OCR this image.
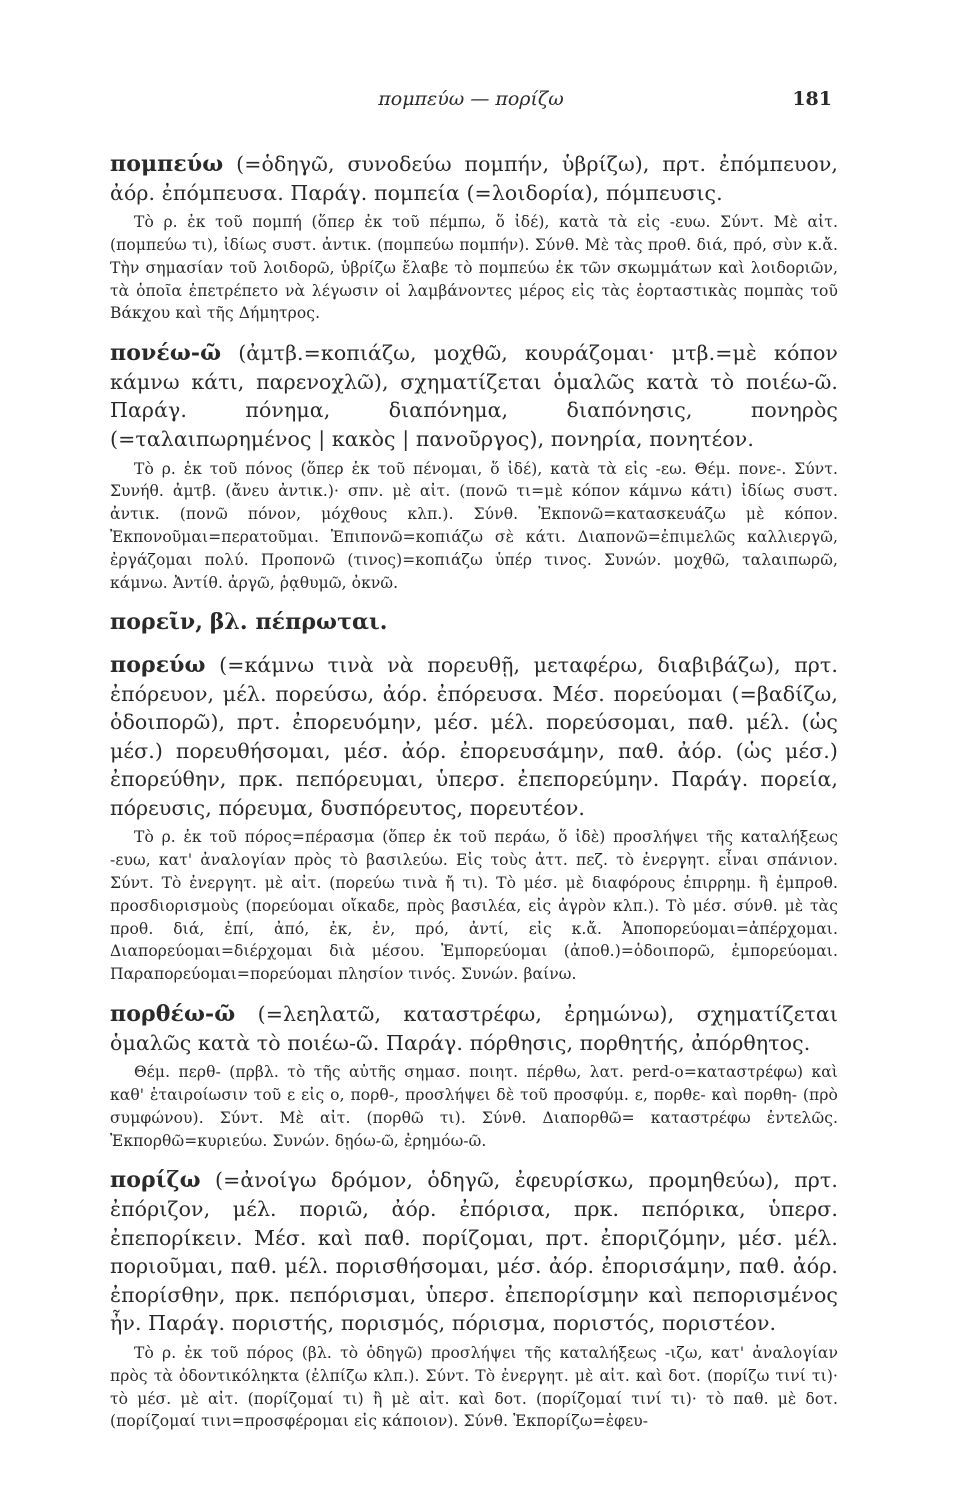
πομπεύω — πορίζω	181
πομπεύω (=ὁδηγῶ, συνοδεύω πομπήν, ὑβρίζω), πρτ. ἐπόμπευον, ἀόρ. ἐπόμπευσα. Παράγ. πομπεία (=λοιδορία), πόμπευσις.
Τὸ ρ. ἐκ τοῦ πομπή (ὅπερ ἐκ τοῦ πέμπω, ὅ ἰδέ), κατὰ τὰ εἰς -ευω. Σύντ. Μὲ αἰτ. (πομπεύω τι), ἰδίως συστ. ἀντικ. (πομπεύω πομπήν). Σύνθ. Μὲ τὰς προθ. διά, πρό, σὺν κ.ἄ. Τὴν σημασίαν τοῦ λοιδορῶ, ὑβρίζω ἔλαβε τὸ πομπεύω ἐκ τῶν σκωμμάτων καὶ λοιδοριῶν, τὰ ὁποῖα ἐπετρέπετο νὰ λέγωσιν οἱ λαμβάνοντες μέρος εἰς τὰς ἑορταστικὰς πομπὰς τοῦ Βάκχου καὶ τῆς Δήμητρος.
πονέω-ῶ (ἀμτβ.=κοπιάζω, μοχθῶ, κουράζομαι· μτβ.=μὲ κόπον κάμνω κάτι, παρενοχλῶ), σχηματίζεται ὁμαλῶς κατὰ τὸ ποιέω-ῶ. Παράγ. πόνημα, διαπόνημα, διαπόνησις, πονηρὸς (=ταλαιπωρημένος | κακὸς | πανοῦργος), πονηρία, πονητέον.
Τὸ ρ. ἐκ τοῦ πόνος (ὅπερ ἐκ τοῦ πένομαι, ὅ ἰδέ), κατὰ τὰ εἰς -εω. Θέμ. πονε-. Σύντ. Συνήθ. ἀμτβ. (ἄνευ ἀντικ.)· σπν. μὲ αἰτ. (πονῶ τι=μὲ κόπον κάμνω κάτι) ἰδίως συστ. ἀντικ. (πονῶ πόνον, μόχθους κλπ.). Σύνθ. Ἐκπονῶ=κατασκευάζω μὲ κόπον. Ἐκπονοῦμαι=περατοῦμαι. Ἐπιπονῶ=κοπιάζω σὲ κάτι. Διαπονῶ=ἐπιμελῶς καλλιεργῶ, ἐργάζομαι πολύ. Προπονῶ (τινος)=κοπιάζω ὑπέρ τινος. Συνών. μοχθῶ, ταλαιπωρῶ, κάμνω. Ἀντίθ. ἀργῶ, ῥᾳθυμῶ, ὀκνῶ.
πορεῖν, βλ. πέπρωται.
πορεύω (=κάμνω τινὰ νὰ πορευθῇ, μεταφέρω, διαβιβάζω), πρτ. ἐπόρευον, μέλ. πορεύσω, ἀόρ. ἐπόρευσα. Μέσ. πορεύομαι (=βαδίζω, ὁδοιπορῶ), πρτ. ἐπορευόμην, μέσ. μέλ. πορεύσομαι, παθ. μέλ. (ὡς μέσ.) πορευθήσομαι, μέσ. ἀόρ. ἐπορευσάμην, παθ. ἀόρ. (ὡς μέσ.) ἐπορεύθην, πρκ. πεπόρευμαι, ὑπερσ. ἐπεπορεύμην. Παράγ. πορεία, πόρευσις, πόρευμα, δυσπόρευτος, πορευτέον.
Τὸ ρ. ἐκ τοῦ πόρος=πέρασμα (ὅπερ ἐκ τοῦ περάω, ὅ ἰδὲ) προσλήψει τῆς καταλήξεως -ευω, κατ' ἀναλογίαν πρὸς τὸ βασιλεύω. Εἰς τοὺς ἀττ. πεζ. τὸ ἐνεργητ. εἶναι σπάνιον. Σύντ. Τὸ ἐνεργητ. μὲ αἰτ. (πορεύω τινὰ ἤ τι). Τὸ μέσ. μὲ διαφόρους ἐπιρρημ. ἢ ἐμπροθ. προσδιορισμοὺς (πορεύομαι οἴκαδε, πρὸς βασιλέα, εἰς ἀγρὸν κλπ.). Τὸ μέσ. σύνθ. μὲ τὰς προθ. διά, ἐπί, ἀπό, ἐκ, ἐν, πρό, ἀντί, εἰς κ.ἄ. Ἀποπορεύομαι=ἀπέρχομαι. Διαπορεύομαι=διέρχομαι διὰ μέσου. Ἐμπορεύομαι (ἀποθ.)=ὁδοιπορῶ, ἐμπορεύομαι. Παραπορεύομαι=πορεύομαι πλησίον τινός. Συνών. βαίνω.
πορθέω-ῶ (=λεηλατῶ, καταστρέφω, ἐρημώνω), σχηματίζεται ὁμαλῶς κατὰ τὸ ποιέω-ῶ. Παράγ. πόρθησις, πορθητής, ἀπόρθητος.
Θέμ. περθ- (πρβλ. τὸ τῆς αὐτῆς σημασ. ποιητ. πέρθω, λατ. perd-o=καταστρέφω) καὶ καθ' ἑταιροίωσιν τοῦ ε εἰς ο, πορθ-, προσλήψει δὲ τοῦ προσφύμ. ε, πορθε- καὶ πορθη- (πρὸ συμφώνου). Σύντ. Μὲ αἰτ. (πορθῶ τι). Σύνθ. Διαπορθῶ= καταστρέφω ἐντελῶς. Ἐκπορθῶ=κυριεύω. Συνών. δῃόω-ῶ, ἐρημόω-ῶ.
πορίζω (=ἀνοίγω δρόμον, ὁδηγῶ, ἐφευρίσκω, προμηθεύω), πρτ. ἐπόριζον, μέλ. ποριῶ, ἀόρ. ἐπόρισα, πρκ. πεπόρικα, ὑπερσ. ἐπεπορίκειν. Μέσ. καὶ παθ. πορίζομαι, πρτ. ἐποριζόμην, μέσ. μέλ. ποριοῦμαι, παθ. μέλ. πορισθήσομαι, μέσ. ἀόρ. ἐπορισάμην, παθ. ἀόρ. ἐπορίσθην, πρκ. πεπόρισμαι, ὑπερσ. ἐπεπορίσμην καὶ πεπορισμένος ἦν. Παράγ. ποριστής, πορισμός, πόρισμα, ποριστός, ποριστέον.
Τὸ ρ. ἐκ τοῦ πόρος (βλ. τὸ ὁδηγῶ) προσλήψει τῆς καταλήξεως -ιζω, κατ' ἀναλογίαν πρὸς τὰ ὀδοντικόληκτα (ἐλπίζω κλπ.). Σύντ. Τὸ ἐνεργητ. μὲ αἰτ. καὶ δοτ. (πορίζω τινί τι)· τὸ μέσ. μὲ αἰτ. (πορίζομαί τι) ἢ μὲ αἰτ. καὶ δοτ. (πορίζομαί τινί τι)· τὸ παθ. μὲ δοτ. (πορίζομαί τινι=προσφέρομαι εἰς κάποιον). Σύνθ. Ἐκπορίζω=ἐφευ-
